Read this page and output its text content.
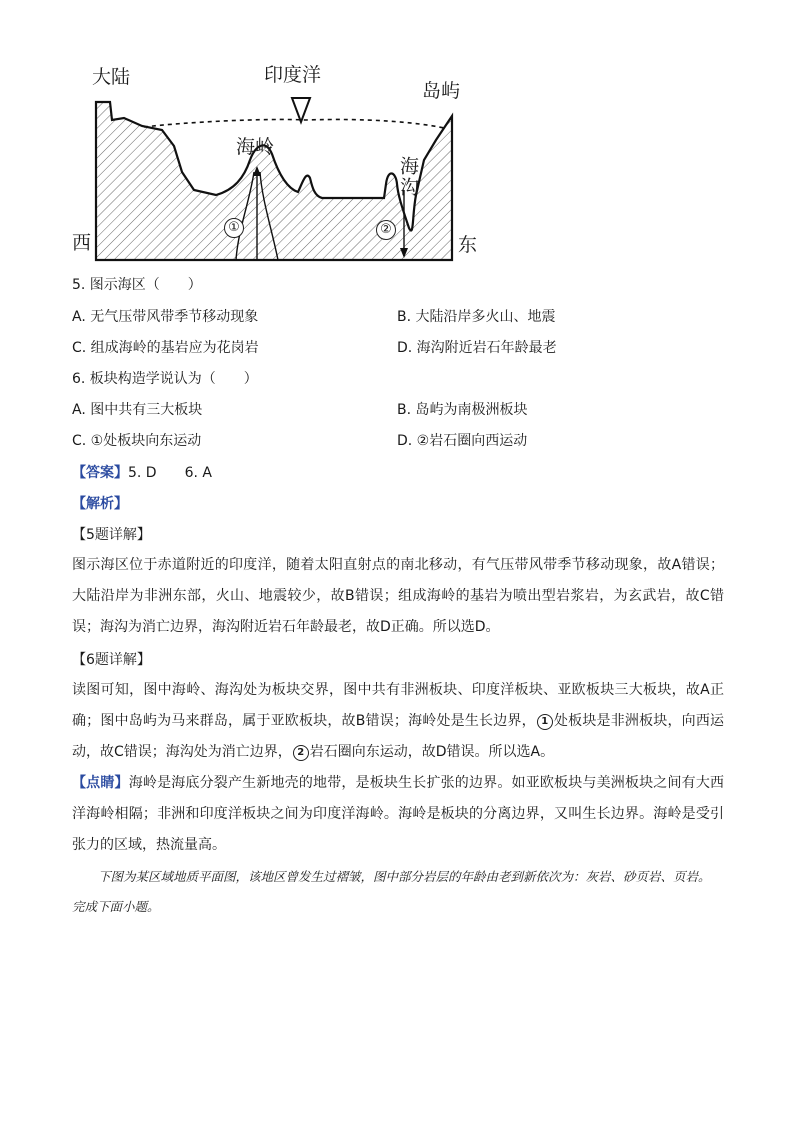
大陆	印度洋
岛屿
海岭
海沟
西	东
①	②
5. 图示海区（　　）
A. 无气压带风带季节移动现象	B. 大陆沿岸多火山、地震
C. 组成海岭的基岩应为花岗岩	D. 海沟附近岩石年龄最老
6. 板块构造学说认为（　　）
A. 图中共有三大板块	B. 岛屿为南极洲板块
C. ①处板块向东运动	D. ②岩石圈向西运动
【答案】5. D　　6. A
【解析】
【5题详解】
图示海区位于赤道附近的印度洋，随着太阳直射点的南北移动，有气压带风带季节移动现象，故A错误；大陆沿岸为非洲东部，火山、地震较少，故B错误；组成海岭的基岩为喷出型岩浆岩，为玄武岩，故C错误；海沟为消亡边界，海沟附近岩石年龄最老，故D正确。所以选D。
【6题详解】
读图可知，图中海岭、海沟处为板块交界，图中共有非洲板块、印度洋板块、亚欧板块三大板块，故A正确；图中岛屿为马来群岛，属于亚欧板块，故B错误；海岭处是生长边界， 1 处板块是非洲板块，向西运动，故C错误；海沟处为消亡边界， 2 岩石圈向东运动，故D错误。所以选A。
【点睛】海岭是海底分裂产生新地壳的地带，是板块生长扩张的边界。如亚欧板块与美洲板块之间有大西洋海岭相隔；非洲和印度洋板块之间为印度洋海岭。海岭是板块的分离边界，又叫生长边界。海岭是受引张力的区域，热流量高。
下图为某区域地质平面图，该地区曾发生过褶皱，图中部分岩层的年龄由老到新依次为：灰岩、砂页岩、页岩。完成下面小题。
